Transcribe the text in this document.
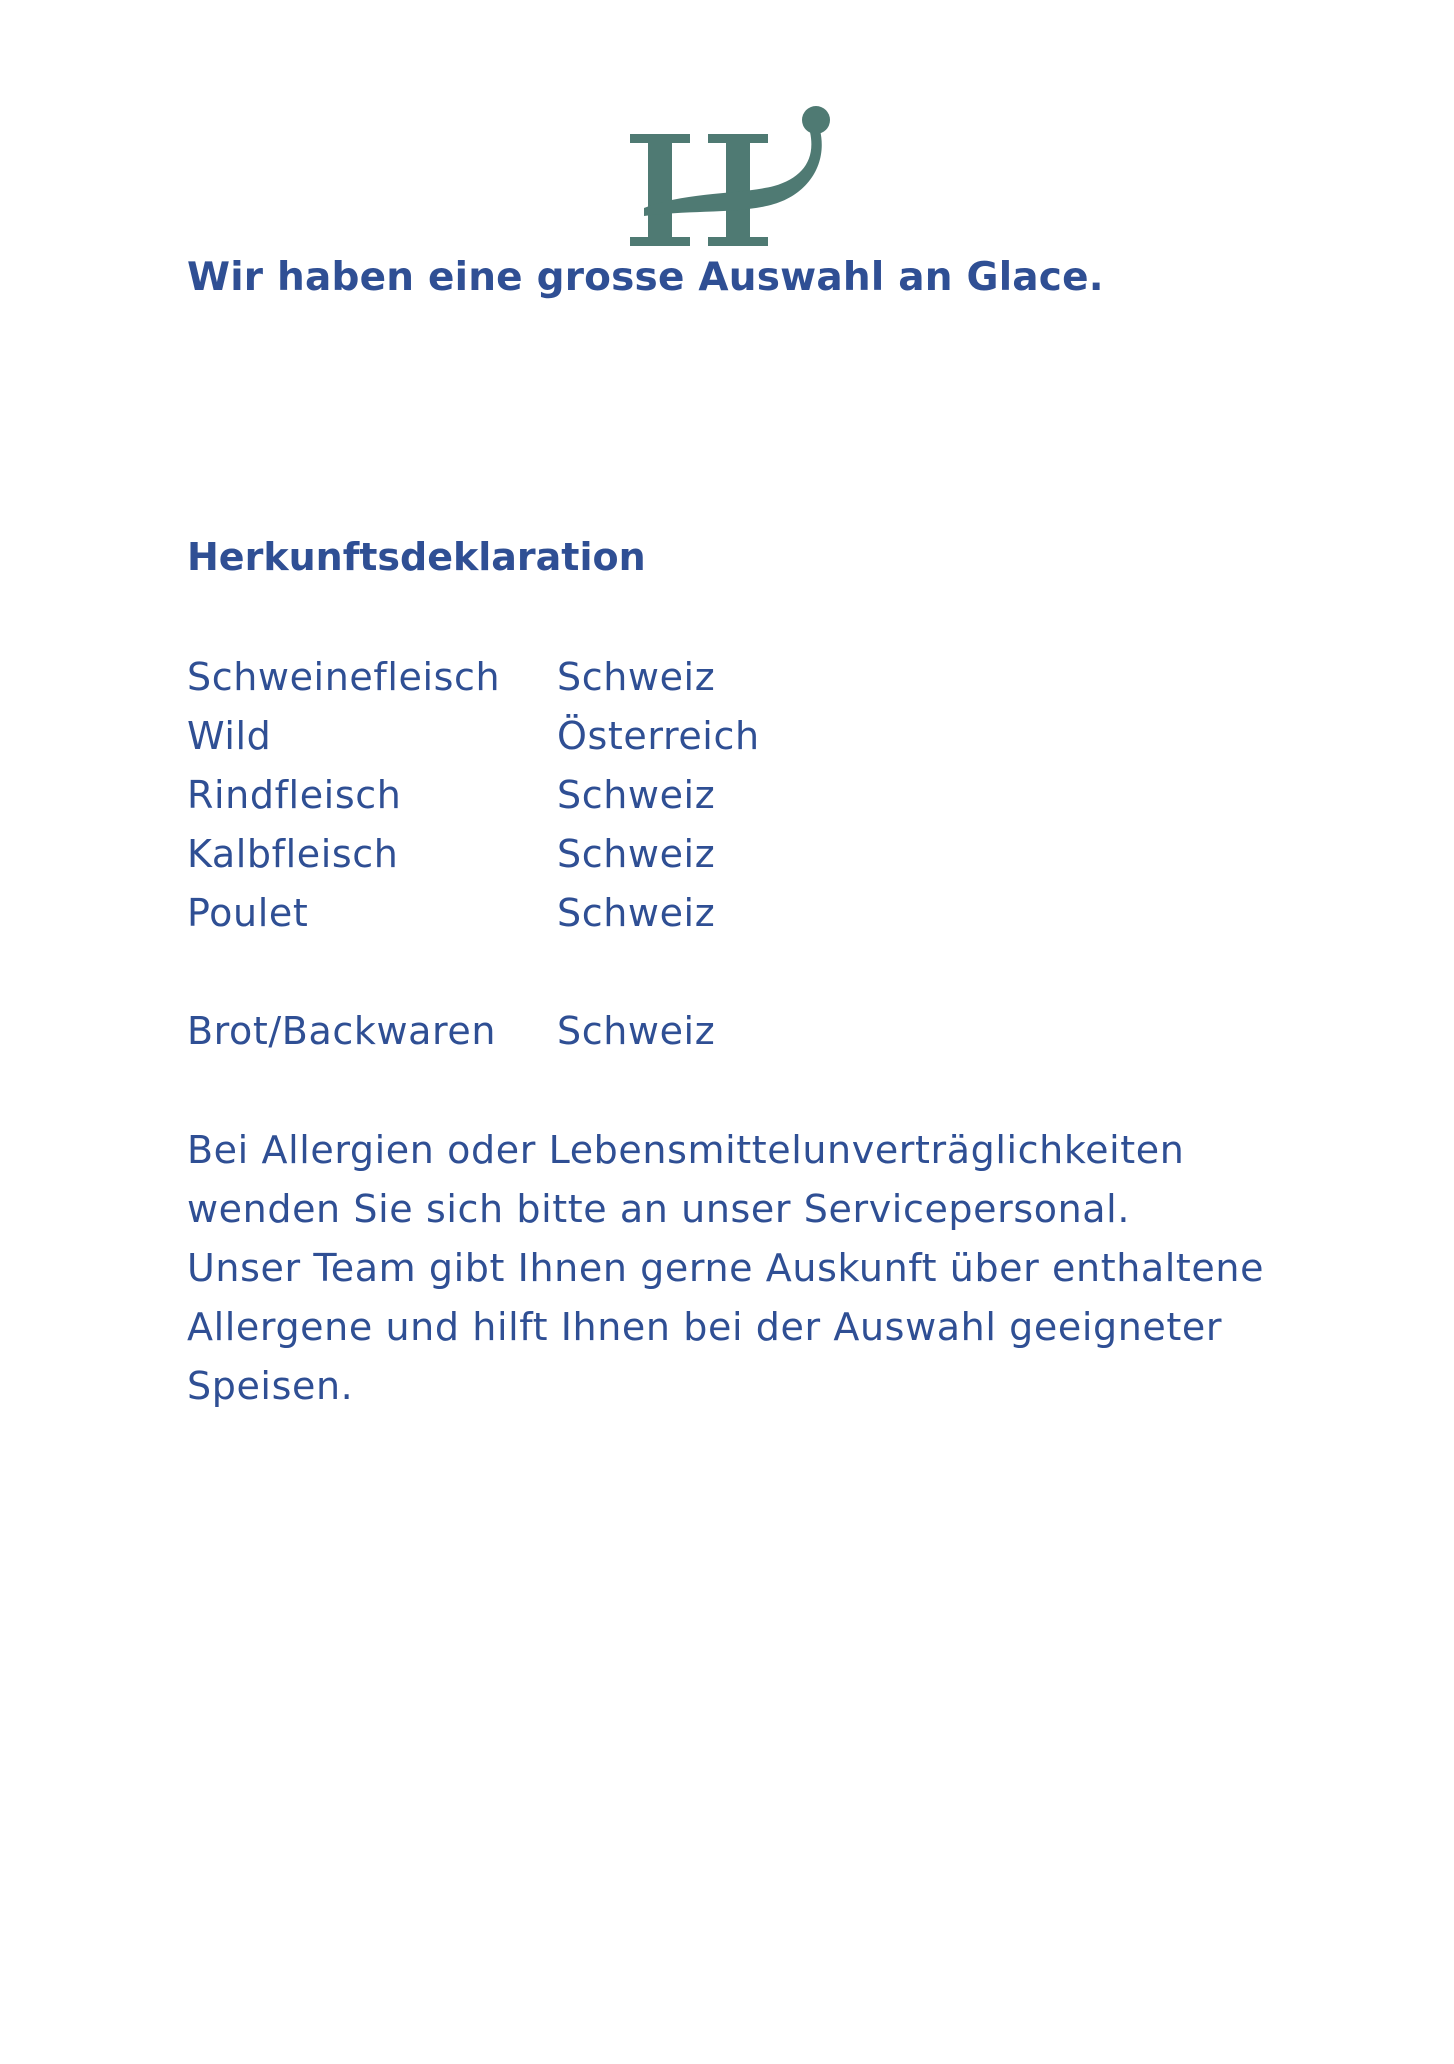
Wir haben eine grosse Auswahl an Glace.
Herkunftsdeklaration
Schweinefleisch	Schweiz
Wild	Österreich
Rindfleisch	Schweiz
Kalbfleisch	Schweiz
Poulet	Schweiz
Brot/Backwaren	Schweiz

Bei Allergien oder Lebensmittelunverträglichkeiten

wenden Sie sich bitte an unser Servicepersonal.

Unser Team gibt Ihnen gerne Auskunft über enthaltene

Allergene und hilft Ihnen bei der Auswahl geeigneter

Speisen.
